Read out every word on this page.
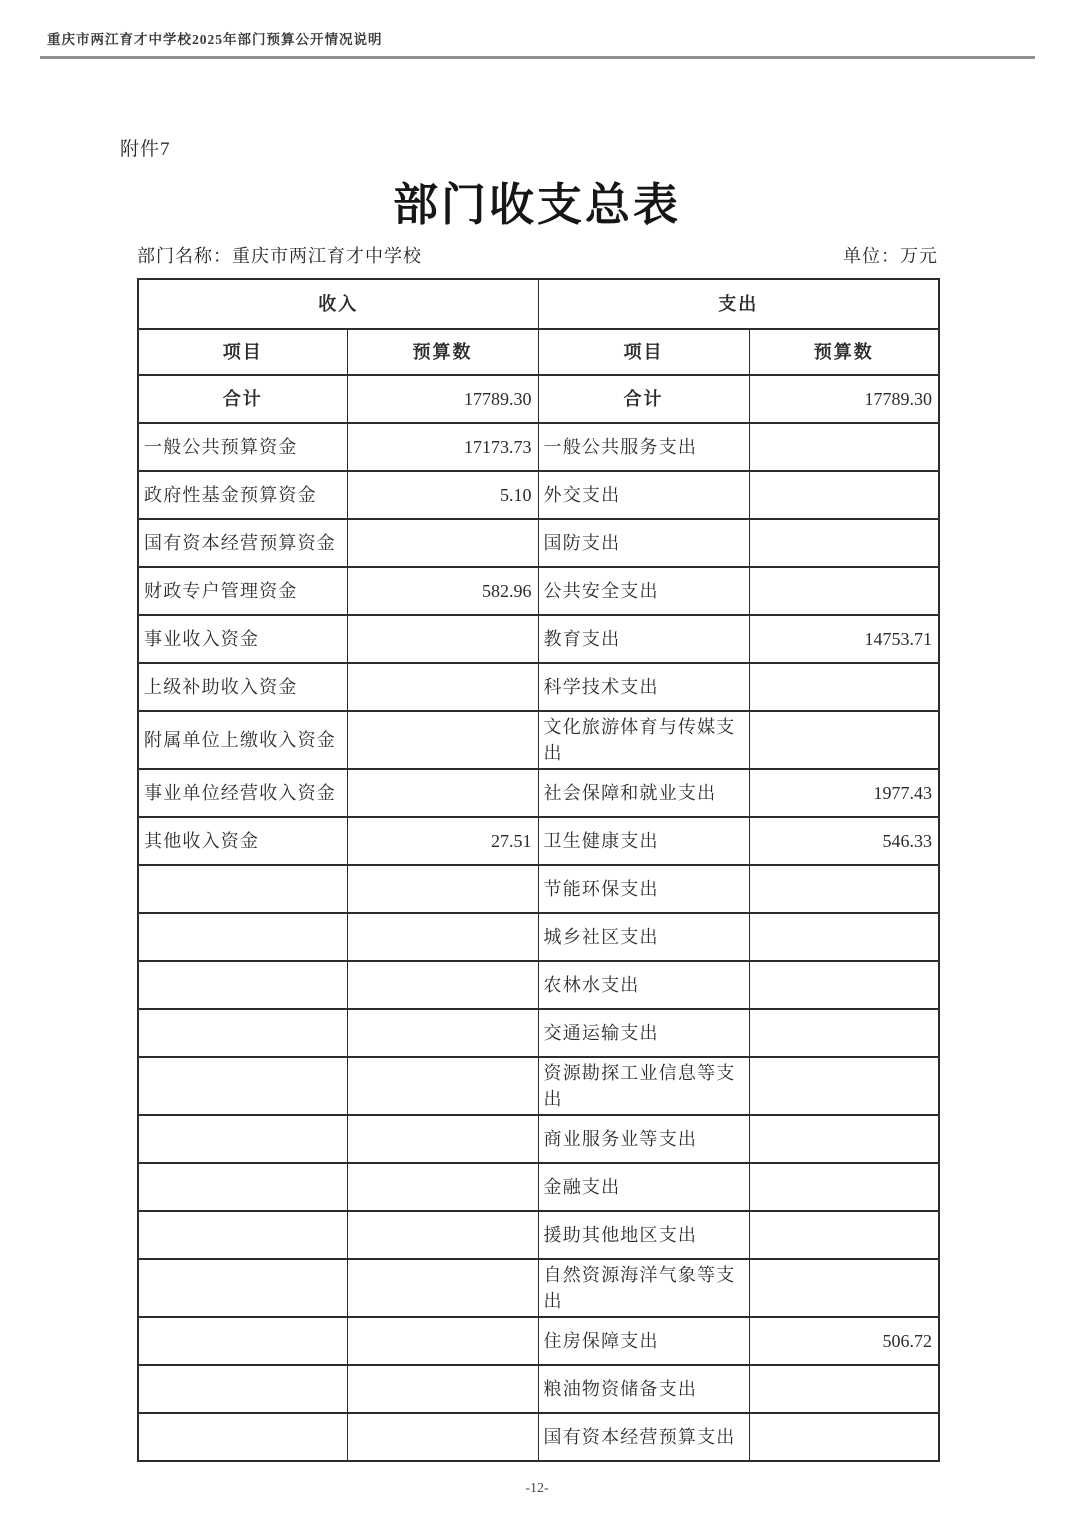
重庆市两江育才中学校2025年部门预算公开情况说明
附件7
部门收支总表
部门名称：重庆市两江育才中学校	单位：万元
收入		支出	
项目	预算数	项目	预算数
合计	17789.30	合计	17789.30
一般公共预算资金	17173.73	一般公共服务支出	
政府性基金预算资金	5.10	外交支出	
国有资本经营预算资金		国防支出	
财政专户管理资金	582.96	公共安全支出	
事业收入资金		教育支出	14753.71
上级补助收入资金		科学技术支出	
附属单位上缴收入资金		文化旅游体育与传媒支出	
事业单位经营收入资金		社会保障和就业支出	1977.43
其他收入资金	27.51	卫生健康支出	546.33
		节能环保支出	
		城乡社区支出	
		农林水支出	
		交通运输支出	
		资源勘探工业信息等支出	
		商业服务业等支出	
		金融支出	
		援助其他地区支出	
		自然资源海洋气象等支出	
		住房保障支出	506.72
		粮油物资储备支出	
		国有资本经营预算支出	
-12-
